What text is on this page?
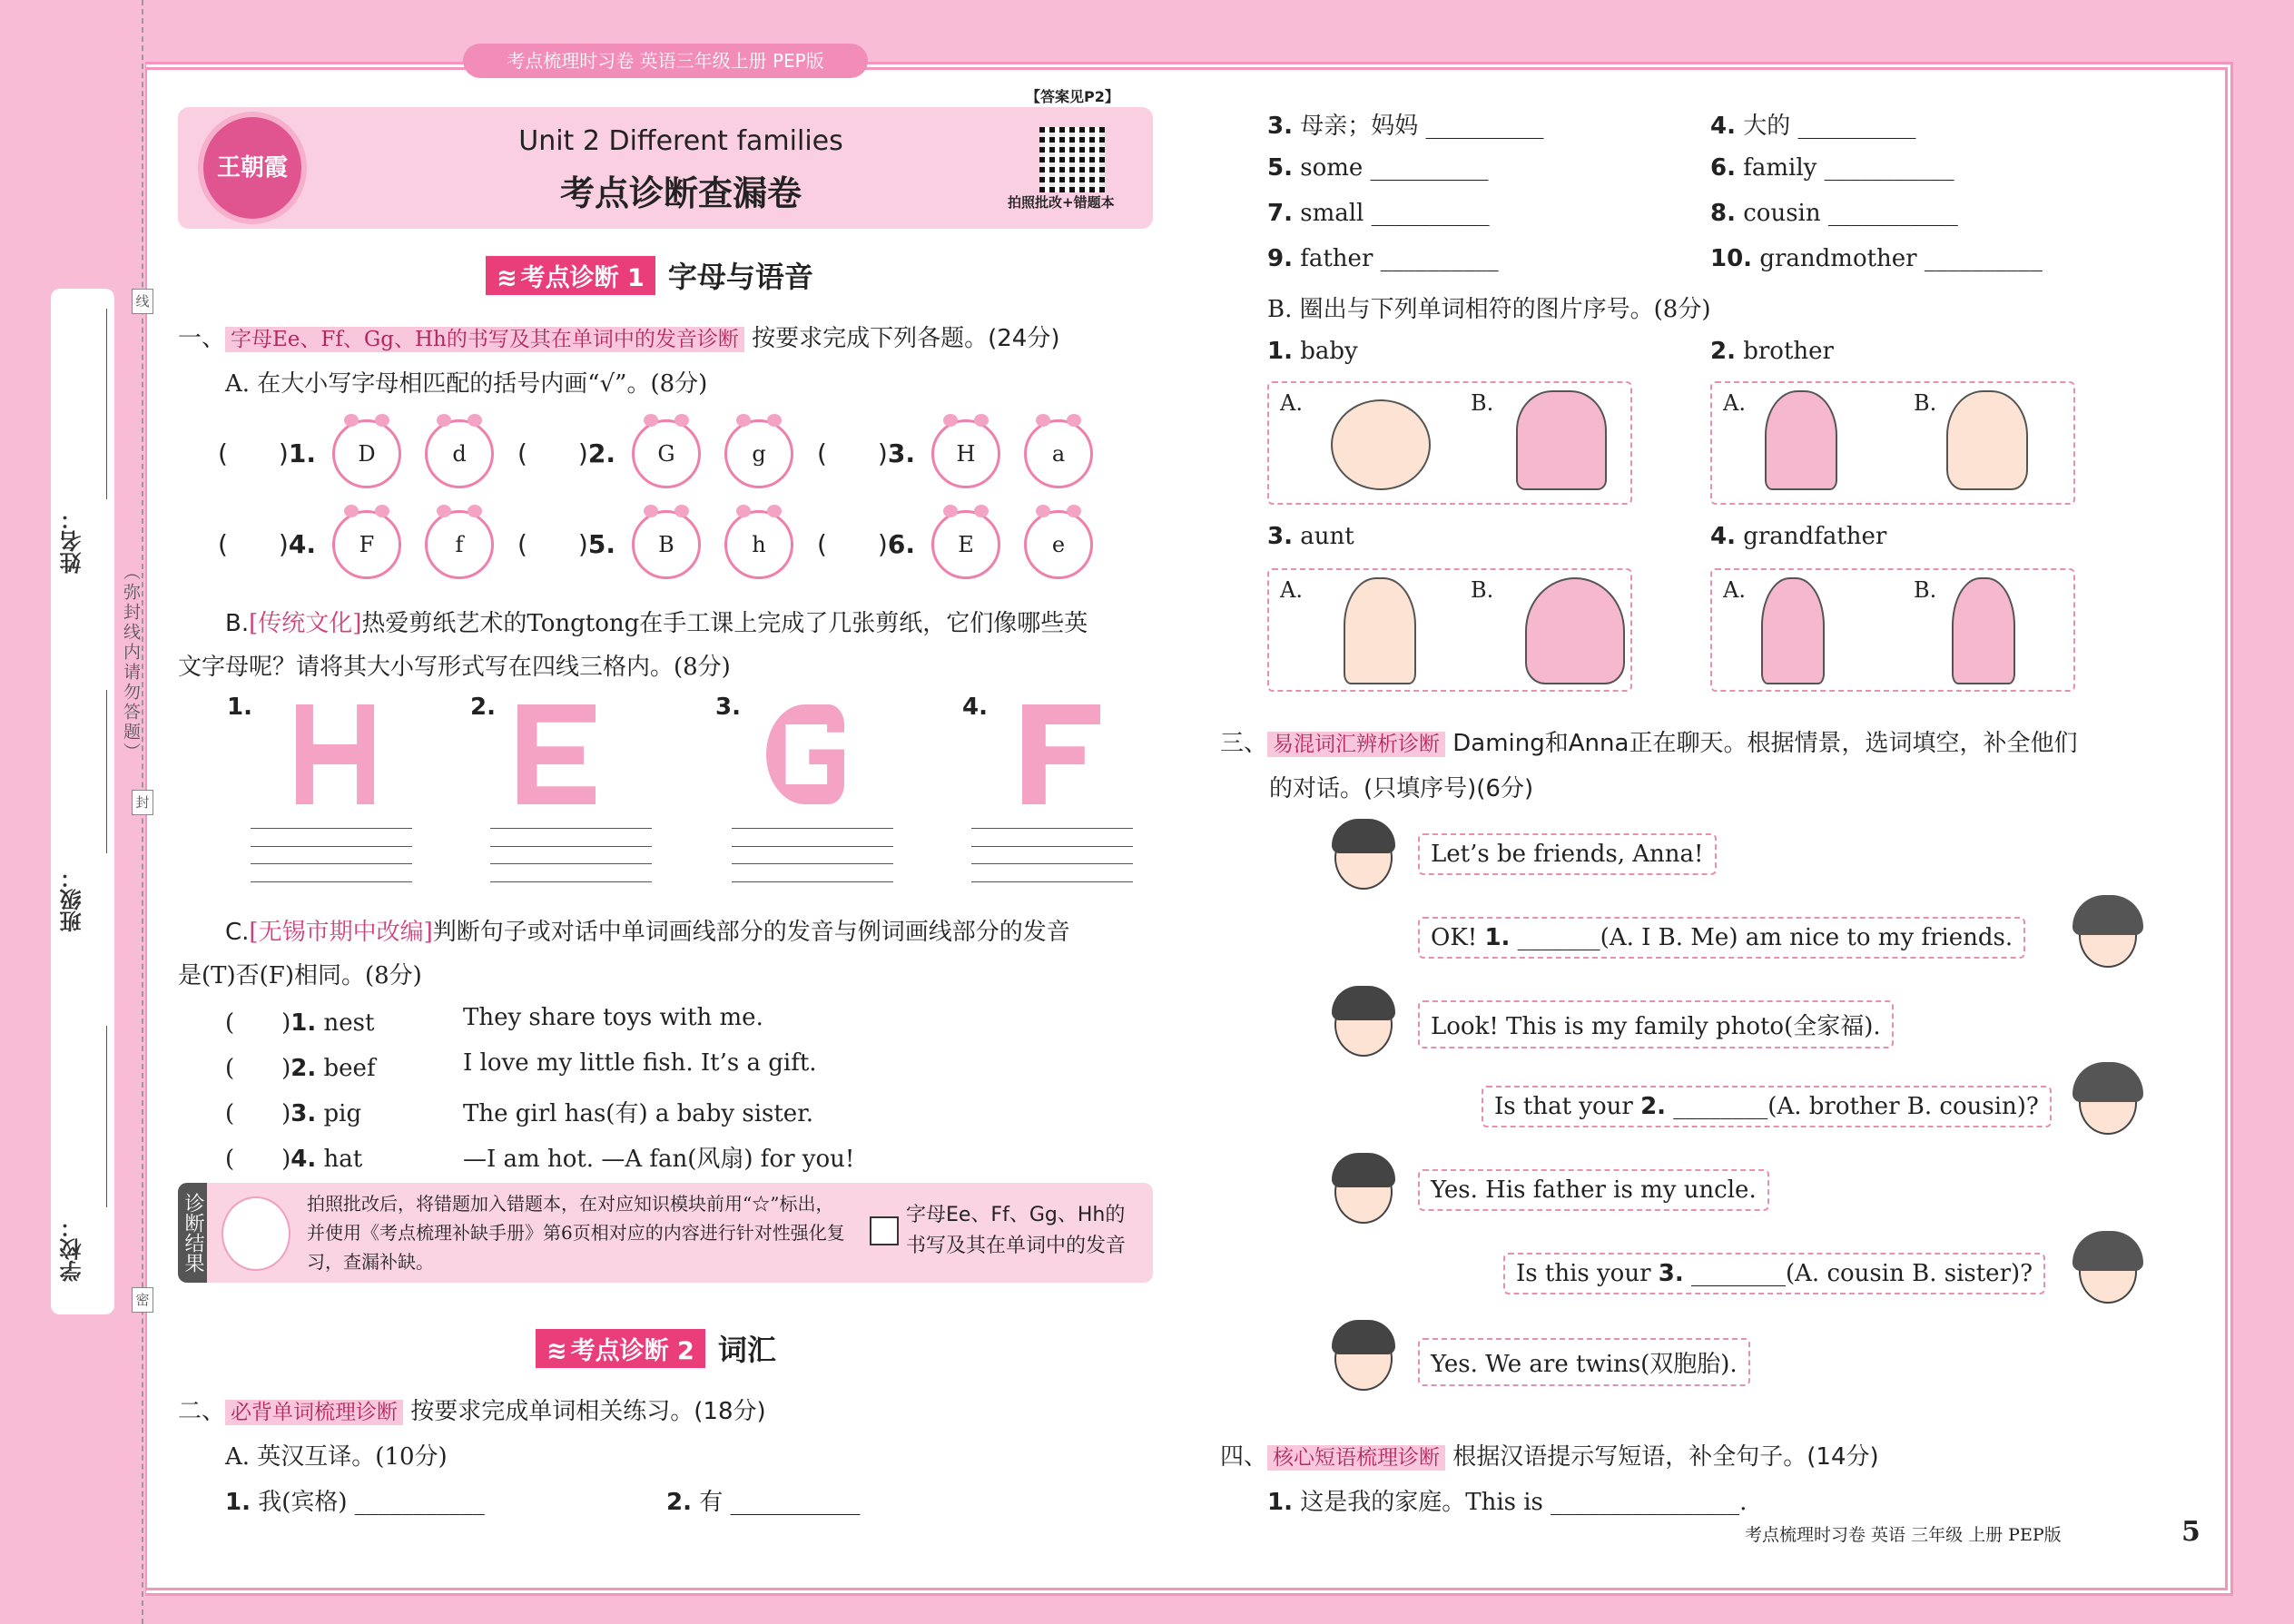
姓名：
班级：
学校：
线
封
密
（弥封线内请勿答题）
考点梳理时习卷 英语三年级上册 PEP版
【答案见P2】
王朝霞
Unit 2 Different families
考点诊断查漏卷	拍照批改+错题本
≋ 考点诊断 1 字母与语音
一、 字母Ee、Ff、Gg、Hh的书写及其在单词中的发音诊断 按要求完成下列各题。(24分)
A. 在大小写字母相匹配的括号内画“√”。(8分)
(　　)1.	D	d	(　　)2.	G	g	(　　)3.	H	a
(　　)4.	F	f	(　　)5.	B	h	(　　)6.	E	e
B.[传统文化]热爱剪纸艺术的Tongtong在手工课上完成了几张剪纸，它们像哪些英
文字母呢？请将其大小写形式写在四线三格内。(8分)
1.	2.	3.	4.
C.[无锡市期中改编]判断句子或对话中单词画线部分的发音与例词画线部分的发音
是(T)否(F)相同。(8分)
(　　)1. nest	They share toys with me.
(　　)2. beef	I love my little fish. It’s a gift.
(　　)3. pig	The girl has(有) a baby sister.
(　　)4. hat	—I am hot. —A fan(风扇) for you!
诊断结果	拍照批改后，将错题加入错题本，在对应知识模块前用“☆”标出，并使用《考点梳理补缺手册》第6页相对应的内容进行针对性强化复习，查漏补缺。
字母Ee、Ff、Gg、Hh的书写及其在单词中的发音
≋ 考点诊断 2 词汇
二、 必背单词梳理诊断 按要求完成单词相关练习。(18分)
A. 英汉互译。(10分)
1. 我(宾格) ___________	2. 有 ___________
3. 母亲；妈妈 __________	4. 大的 __________
5. some __________	6. family ___________
7. small __________	8. cousin ___________
9. father __________	10. grandmother __________
B. 圈出与下列单词相符的图片序号。(8分)
1. baby	2. brother
A.	B.	A.	B.
3. aunt	4. grandfather
A.	B.	A.	B.
三、 易混词汇辨析诊断 Daming和Anna正在聊天。根据情景，选词填空，补全他们
的对话。(只填序号)(6分)
Let’s be friends, Anna!
OK! 1. _______(A. I B. Me) am nice to my friends.
Look! This is my family photo(全家福).
Is that your 2. ________(A. brother B. cousin)?
Yes. His father is my uncle.
Is this your 3. ________(A. cousin B. sister)?
Yes. We are twins(双胞胎).
四、 核心短语梳理诊断 根据汉语提示写短语，补全句子。(14分)
1. 这是我的家庭。This is ________________.
考点梳理时习卷 英语 三年级 上册 PEP版	5
